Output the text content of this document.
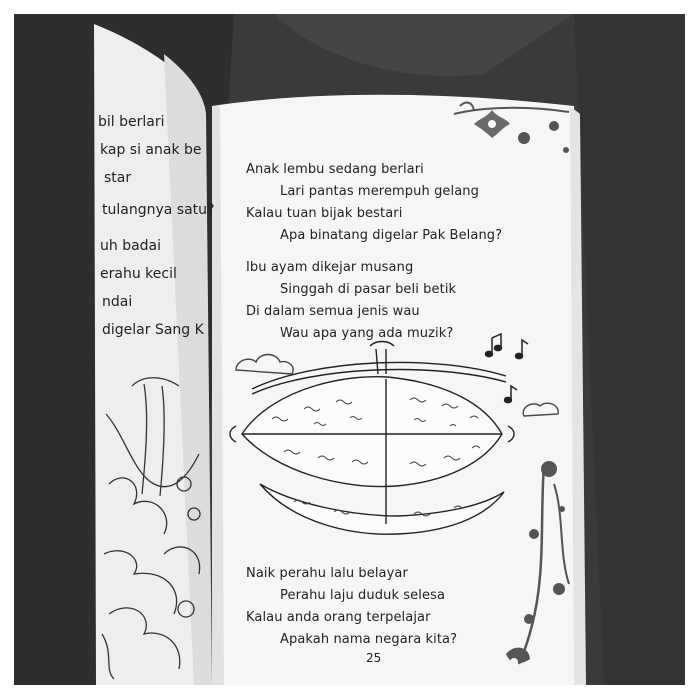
bil berlari
kap si anak be
star
tulangnya satu?
uh badai
erahu kecil
ndai
digelar Sang K
Anak lembu sedang berlari
Lari pantas merempuh gelang
Kalau tuan bijak bestari
Apa binatang digelar Pak Belang?
Ibu ayam dikejar musang
Singgah di pasar beli betik
Di dalam semua jenis wau
Wau apa yang ada muzik?
Naik perahu lalu belayar
Perahu laju duduk selesa
Kalau anda orang terpelajar
Apakah nama negara kita?
25
